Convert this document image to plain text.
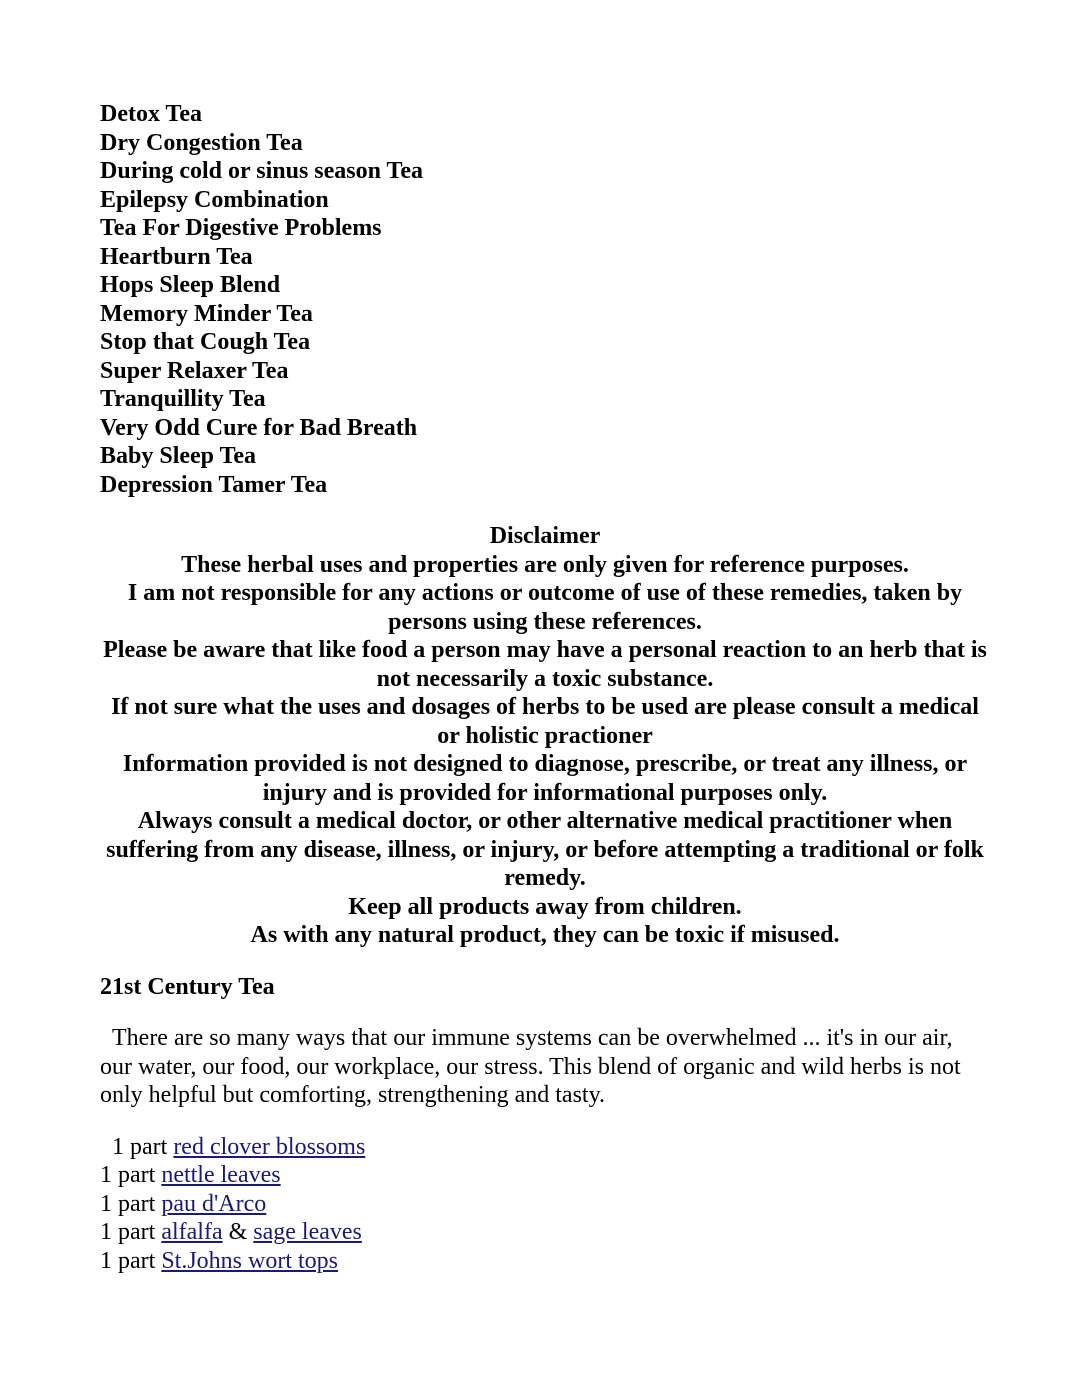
Detox Tea
Dry Congestion Tea
During cold or sinus season Tea
Epilepsy Combination
Tea For Digestive Problems
Heartburn Tea
Hops Sleep Blend
Memory Minder Tea
Stop that Cough Tea
Super Relaxer Tea
Tranquillity Tea
Very Odd Cure for Bad Breath
Baby Sleep Tea
Depression Tamer Tea
Disclaimer
These herbal uses and properties are only given for reference purposes.
I am not responsible for any actions or outcome of use of these remedies, taken by persons using these references.
Please be aware that like food a person may have a personal reaction to an herb that is not necessarily a toxic substance.
If not sure what the uses and dosages of herbs to be used are please consult a medical or holistic practioner
Information provided is not designed to diagnose, prescribe, or treat any illness, or injury and is provided for informational purposes only.
Always consult a medical doctor, or other alternative medical practitioner when suffering from any disease, illness, or injury, or before attempting a traditional or folk remedy.
Keep all products away from children.
As with any natural product, they can be toxic if misused.
21st Century Tea
There are so many ways that our immune systems can be overwhelmed ... it's in our air, our water, our food, our workplace, our stress. This blend of organic and wild herbs is not only helpful but comforting, strengthening and tasty.
1 part red clover blossoms
1 part nettle leaves
1 part pau d'Arco
1 part alfalfa & sage leaves
1 part St.Johns wort tops
